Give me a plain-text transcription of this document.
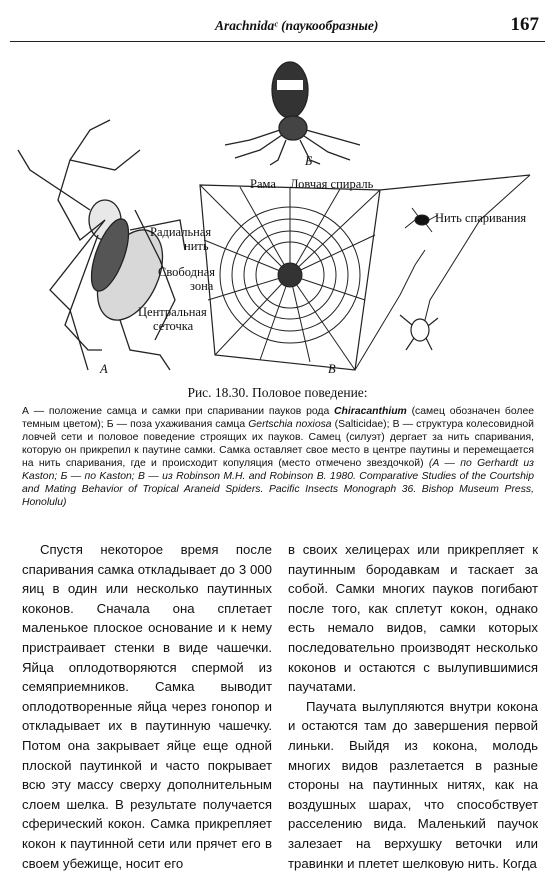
Arachnidaᶜ (паукообразные)	167
А
Б
Рама Ловчая спираль
Нить спаривания
Радиальная
нить
Свободная
зона
Центральная
сеточка
В
Рис. 18.30. Половое поведение:
А — положение самца и самки при спаривании пауков рода Chiracanthium (самец обозначен более темным цветом); Б — поза ухаживания самца Gertschia noxiosa (Salticidae); В — структура колесовидной ловчей сети и половое поведение строящих их пауков. Самец (силуэт) дергает за нить спаривания, которую он прикрепил к паутине самки. Самка оставляет свое место в центре паутины и перемещается на нить спаривания, где и происходит копуляция (место отмечено звездочкой) (А — по Gerhardt из Kaston; Б — по Kaston; В — из Robinson M.H. and Robinson B. 1980. Comparative Studies of the Courtship and Mating Behavior of Tropical Araneid Spiders. Pacific Insects Monograph 36. Bishop Museum Press, Honolulu)

Спустя некоторое время после спаривания самка откладывает до 3 000 яиц в один или несколько паутинных коконов. Сначала она сплетает маленькое плоское основание и к нему пристраивает стенки в виде чашечки. Яйца оплодотворяются спермой из семяприемников. Самка выводит оплодотворенные яйца через гонопор и откладывает их в паутинную чашечку. Потом она закрывает яйце еще одной плоской паутинкой и часто покрывает всю эту массу сверху дополнительным слоем шелка. В результате получается сферический кокон. Самка прикрепляет кокон к паутинной сети или прячет его в своем убежище, носит его

в своих хелицерах или прикрепляет к паутинным бородавкам и таскает за собой. Самки многих пауков погибают после того, как сплетут кокон, однако есть немало видов, самки которых последовательно производят несколько коконов и остаются с вылупившимися паучатами.

Паучата вылупляются внутри кокона и остаются там до завершения первой линьки. Выйдя из кокона, молодь многих видов разлетается в разные стороны на паутинных нитях, как на воздушных шарах, что способствует расселению вида. Маленький паучок залезает на верхушку веточки или травинки и плетет шелковую нить. Когда
